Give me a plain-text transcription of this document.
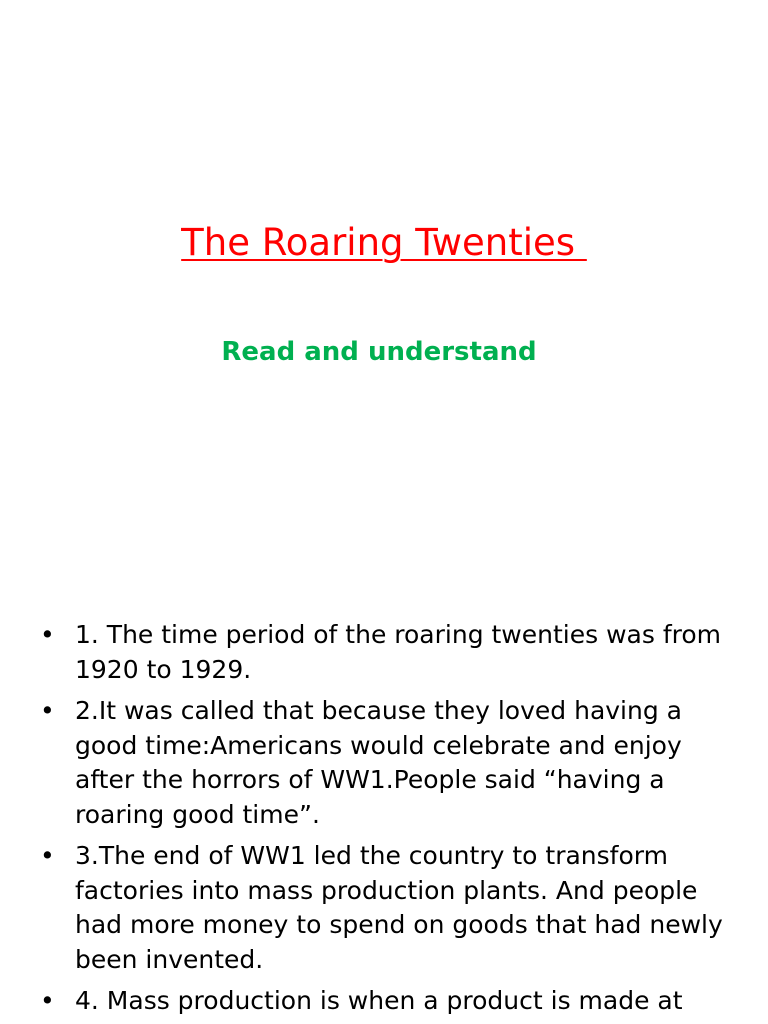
The Roaring Twenties
Read and understand
• 1. The time period of the roaring twenties was from 1920 to 1929.
• 2.It was called that because they loved having a good time:Americans would celebrate and enjoy after the horrors of WW1.People said “having a roaring good time”.
• 3.The end of WW1 led the country to transform factories into mass production plants. And people had more money to spend on goods that had newly been invented.
• 4. Mass production is when a product is made at
